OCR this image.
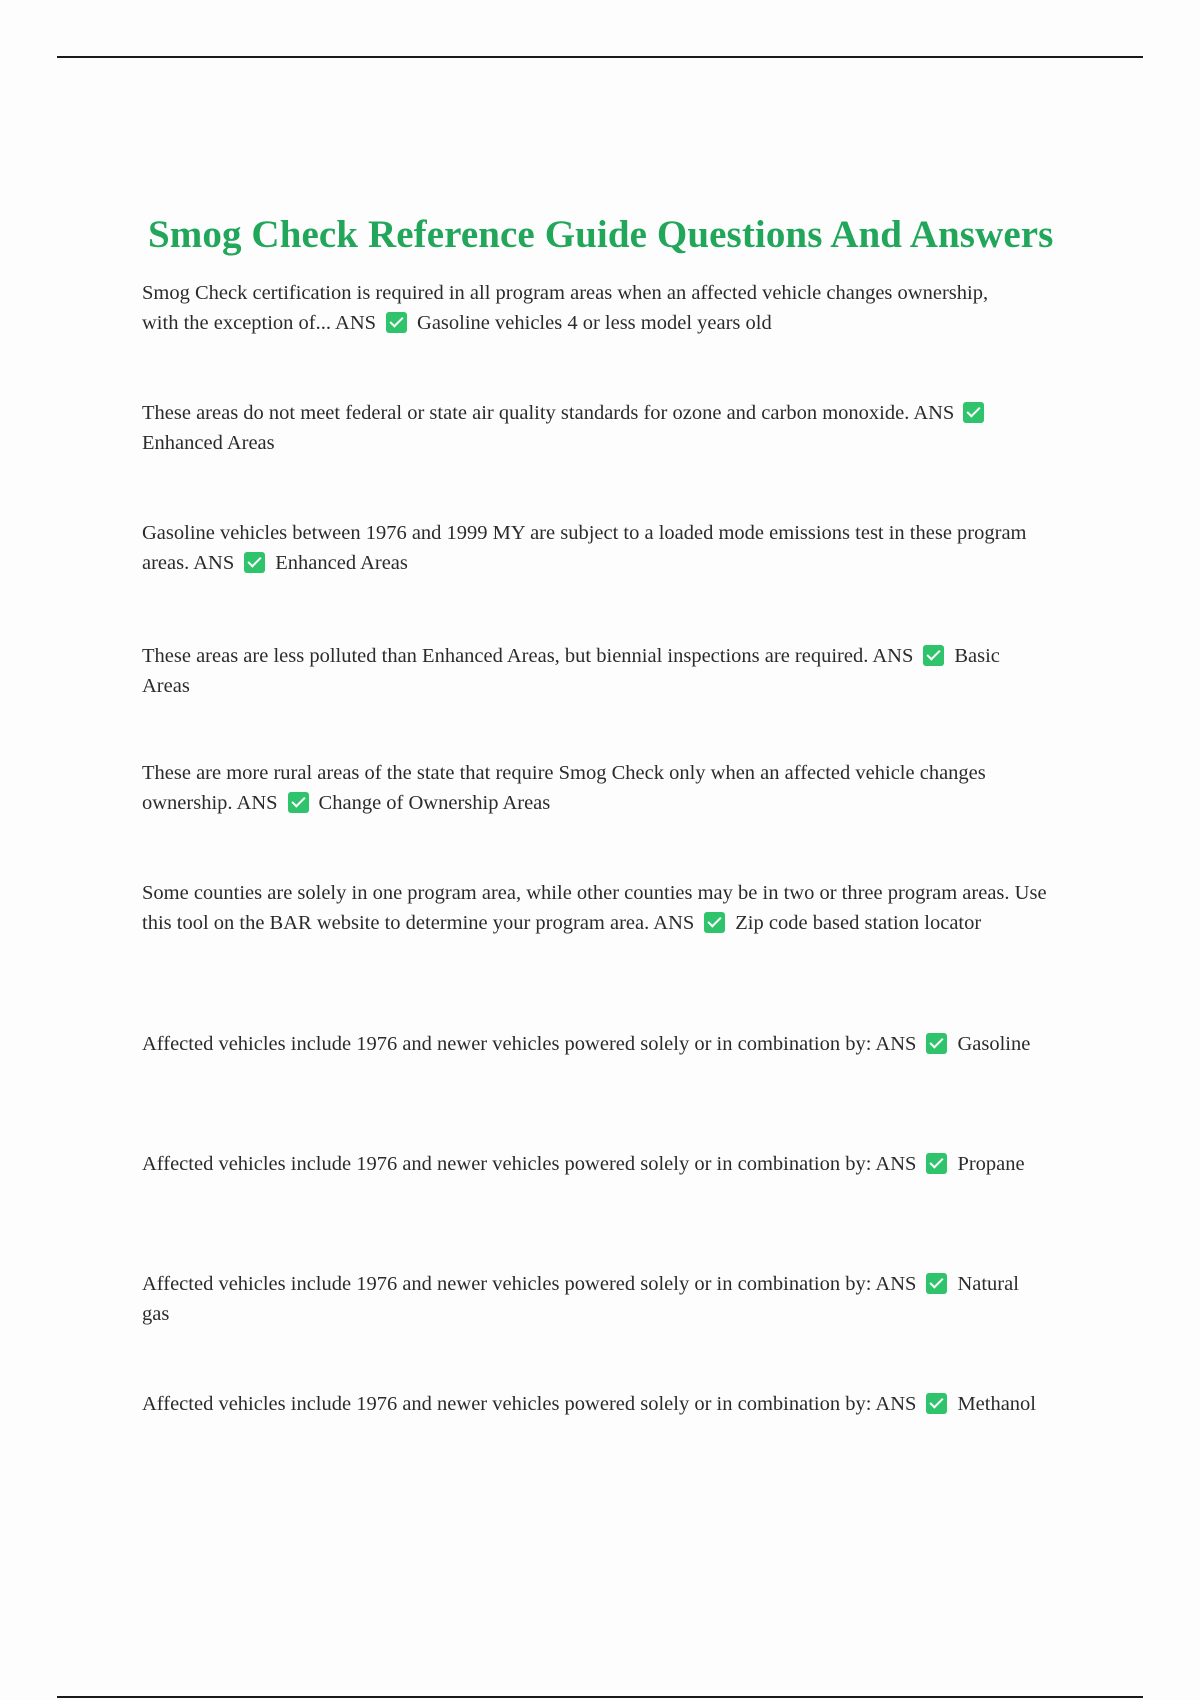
Smog Check Reference Guide Questions And Answers

Smog Check certification is required in all program areas when an affected vehicle changes ownership, with the exception of... ANS Gasoline vehicles 4 or less model years old

These areas do not meet federal or state air quality standards for ozone and carbon monoxide. ANS Enhanced Areas

Gasoline vehicles between 1976 and 1999 MY are subject to a loaded mode emissions test in these program areas. ANS Enhanced Areas

These areas are less polluted than Enhanced Areas, but biennial inspections are required. ANS Basic Areas

These are more rural areas of the state that require Smog Check only when an affected vehicle changes ownership. ANS Change of Ownership Areas

Some counties are solely in one program area, while other counties may be in two or three program areas. Use this tool on the BAR website to determine your program area. ANS Zip code based station locator

Affected vehicles include 1976 and newer vehicles powered solely or in combination by: ANS Gasoline

Affected vehicles include 1976 and newer vehicles powered solely or in combination by: ANS Propane

Affected vehicles include 1976 and newer vehicles powered solely or in combination by: ANS Natural gas

Affected vehicles include 1976 and newer vehicles powered solely or in combination by: ANS Methanol
